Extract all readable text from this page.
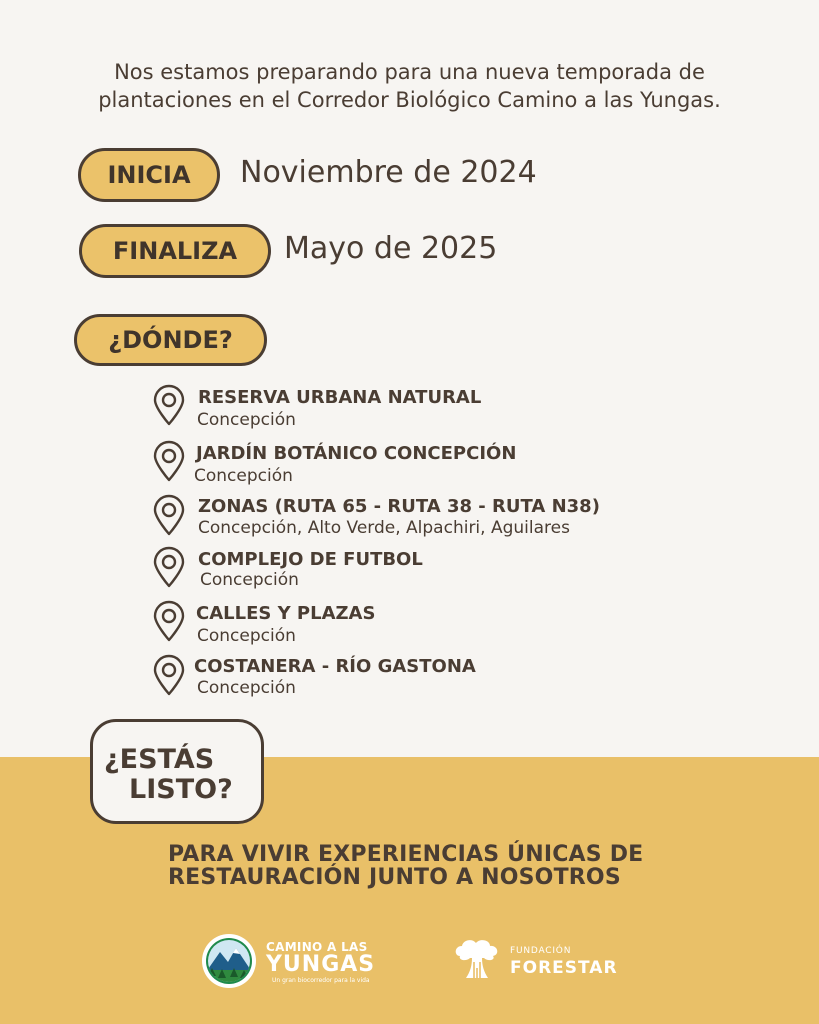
Nos estamos preparando para una nueva temporada de
plantaciones en el Corredor Biológico Camino a las Yungas.
INICIA Noviembre de 2024
FINALIZA Mayo de 2025
¿DÓNDE?
RESERVA URBANA NATURAL
Concepción
JARDÍN BOTÁNICO CONCEPCIÓN
Concepción
ZONAS (RUTA 65 - RUTA 38 - RUTA N38)
Concepción, Alto Verde, Alpachiri, Aguilares
COMPLEJO DE FUTBOL
Concepción
CALLES Y PLAZAS
Concepción
COSTANERA - RÍO GASTONA
Concepción
¿ESTÁS
LISTO?
PARA VIVIR EXPERIENCIAS ÚNICAS DE
RESTAURACIÓN JUNTO A NOSOTROS
CAMINO A LAS
YUNGAS
Un gran biocorredor para la vida
FUNDACIÓN
FORESTAR
